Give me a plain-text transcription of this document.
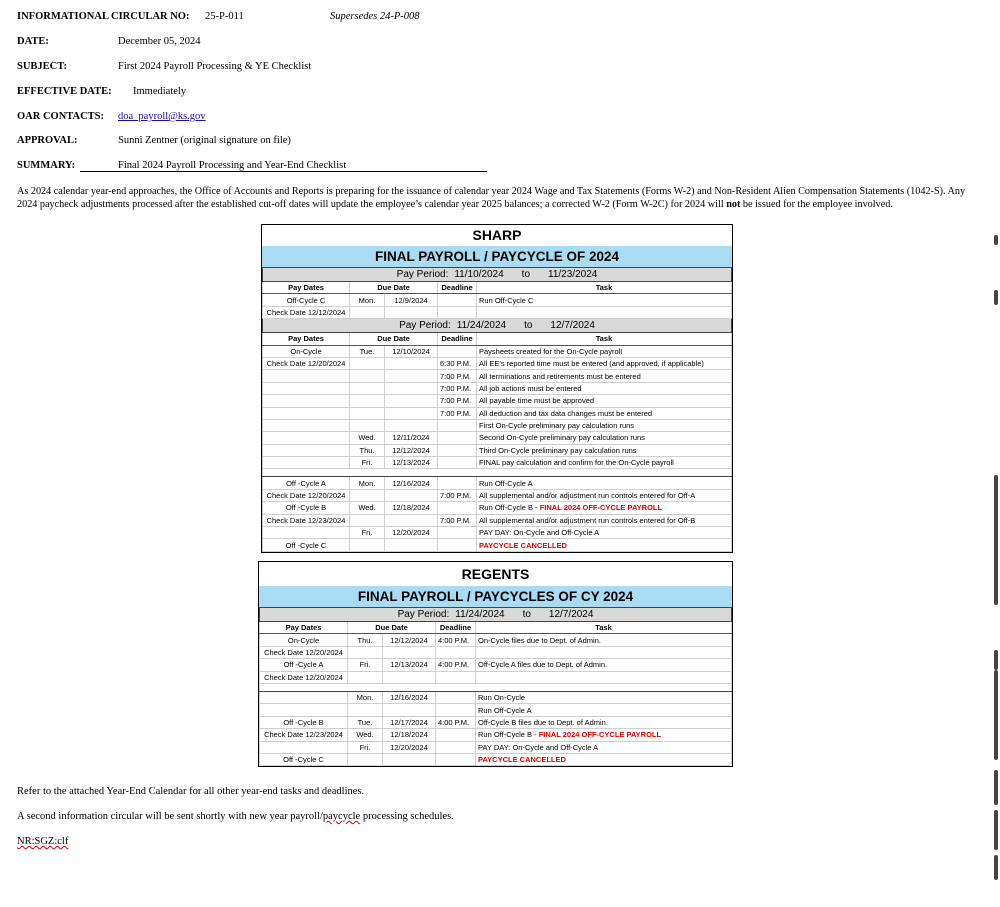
INFORMATIONAL CIRCULAR NO: 25-P-011	Supersedes 24-P-008
DATE:	December 05, 2024
SUBJECT:	First 2024 Payroll Processing & YE Checklist
EFFECTIVE DATE: Immediately
OAR CONTACTS: doa_payroll@ks.gov
APPROVAL:	Sunni Zentner (original signature on file)
SUMMARY:	Final 2024 Payroll Processing and Year-End Checklist
As 2024 calendar year-end approaches, the Office of Accounts and Reports is preparing for the issuance of calendar year 2024 Wage and Tax Statements (Forms W-2) and Non-Resident Alien Compensation Statements (1042-S). Any 2024 paycheck adjustments processed after the established cut-off dates will update the employee’s calendar year 2025 balances; a corrected W-2 (Form W-2C) for 2024 will not be issued for the employee involved.
SHARP
FINAL PAYROLL / PAYCYCLE OF 2024
Pay Period: 11/10/2024 to 11/23/2024				
Pay Dates	Due Date		Deadline	Task
Off-Cycle C	Mon.	12/9/2024		Run Off-Cycle C
Check Date 12/12/2024				
Pay Period: 11/24/2024 to 12/7/2024				
Pay Dates	Due Date		Deadline	Task
On-Cycle	Tue.	12/10/2024		Paysheets created for the On-Cycle payroll
Check Date 12/20/2024			6:30 P.M.	All EE's reported time must be entered (and approved, if applicable)
			7:00 P.M.	All terminations and retirements must be entered
			7:00 P.M.	All job actions must be entered
			7:00 P.M.	All payable time must be approved
			7:00 P.M.	All deduction and tax data changes must be entered
				First On-Cycle preliminary pay calculation runs
	Wed.	12/11/2024		Second On-Cycle preliminary pay calculation runs
	Thu.	12/12/2024		Third On-Cycle preliminary pay calculation runs
	Fri.	12/13/2024		FINAL pay calculation and confirm for the On-Cycle payroll

Off -Cycle A	Mon.	12/16/2024		Run Off-Cycle A
Check Date 12/20/2024			7:00 P.M.	All supplemental and/or adjustment run controls entered for Off-A
Off -Cycle B	Wed.	12/18/2024		Run Off-Cycle B - FINAL 2024 OFF-CYCLE PAYROLL
Check Date 12/23/2024			7:00 P.M.	All supplemental and/or adjustment run controls entered for Off-B
	Fri.	12/20/2024		PAY DAY: On-Cycle and Off-Cycle A
Off -Cycle C				PAYCYCLE CANCELLED
REGENTS
FINAL PAYROLL / PAYCYCLES OF CY 2024
Pay Period: 11/24/2024 to 12/7/2024				
Pay Dates	Due Date		Deadline	Task
On-Cycle	Thu.	12/12/2024	4:00 P.M.	On-Cycle files due to Dept. of Admin.
Check Date 12/20/2024				
Off -Cycle A	Fri.	12/13/2024	4:00 P.M.	Off-Cycle A files due to Dept. of Admin.
Check Date 12/20/2024				

	Mon.	12/16/2024		Run On-Cycle
				Run Off-Cycle A
Off -Cycle B	Tue.	12/17/2024	4:00 P.M.	Off-Cycle B files due to Dept. of Admin.
Check Date 12/23/2024	Wed.	12/18/2024		Run Off-Cycle B - FINAL 2024 OFF-CYCLE PAYROLL
	Fri.	12/20/2024		PAY DAY: On-Cycle and Off-Cycle A
Off -Cycle C				PAYCYCLE CANCELLED
Refer to the attached Year-End Calendar for all other year-end tasks and deadlines.
A second information circular will be sent shortly with new year payroll/paycycle processing schedules.
NR:SGZ:clf
